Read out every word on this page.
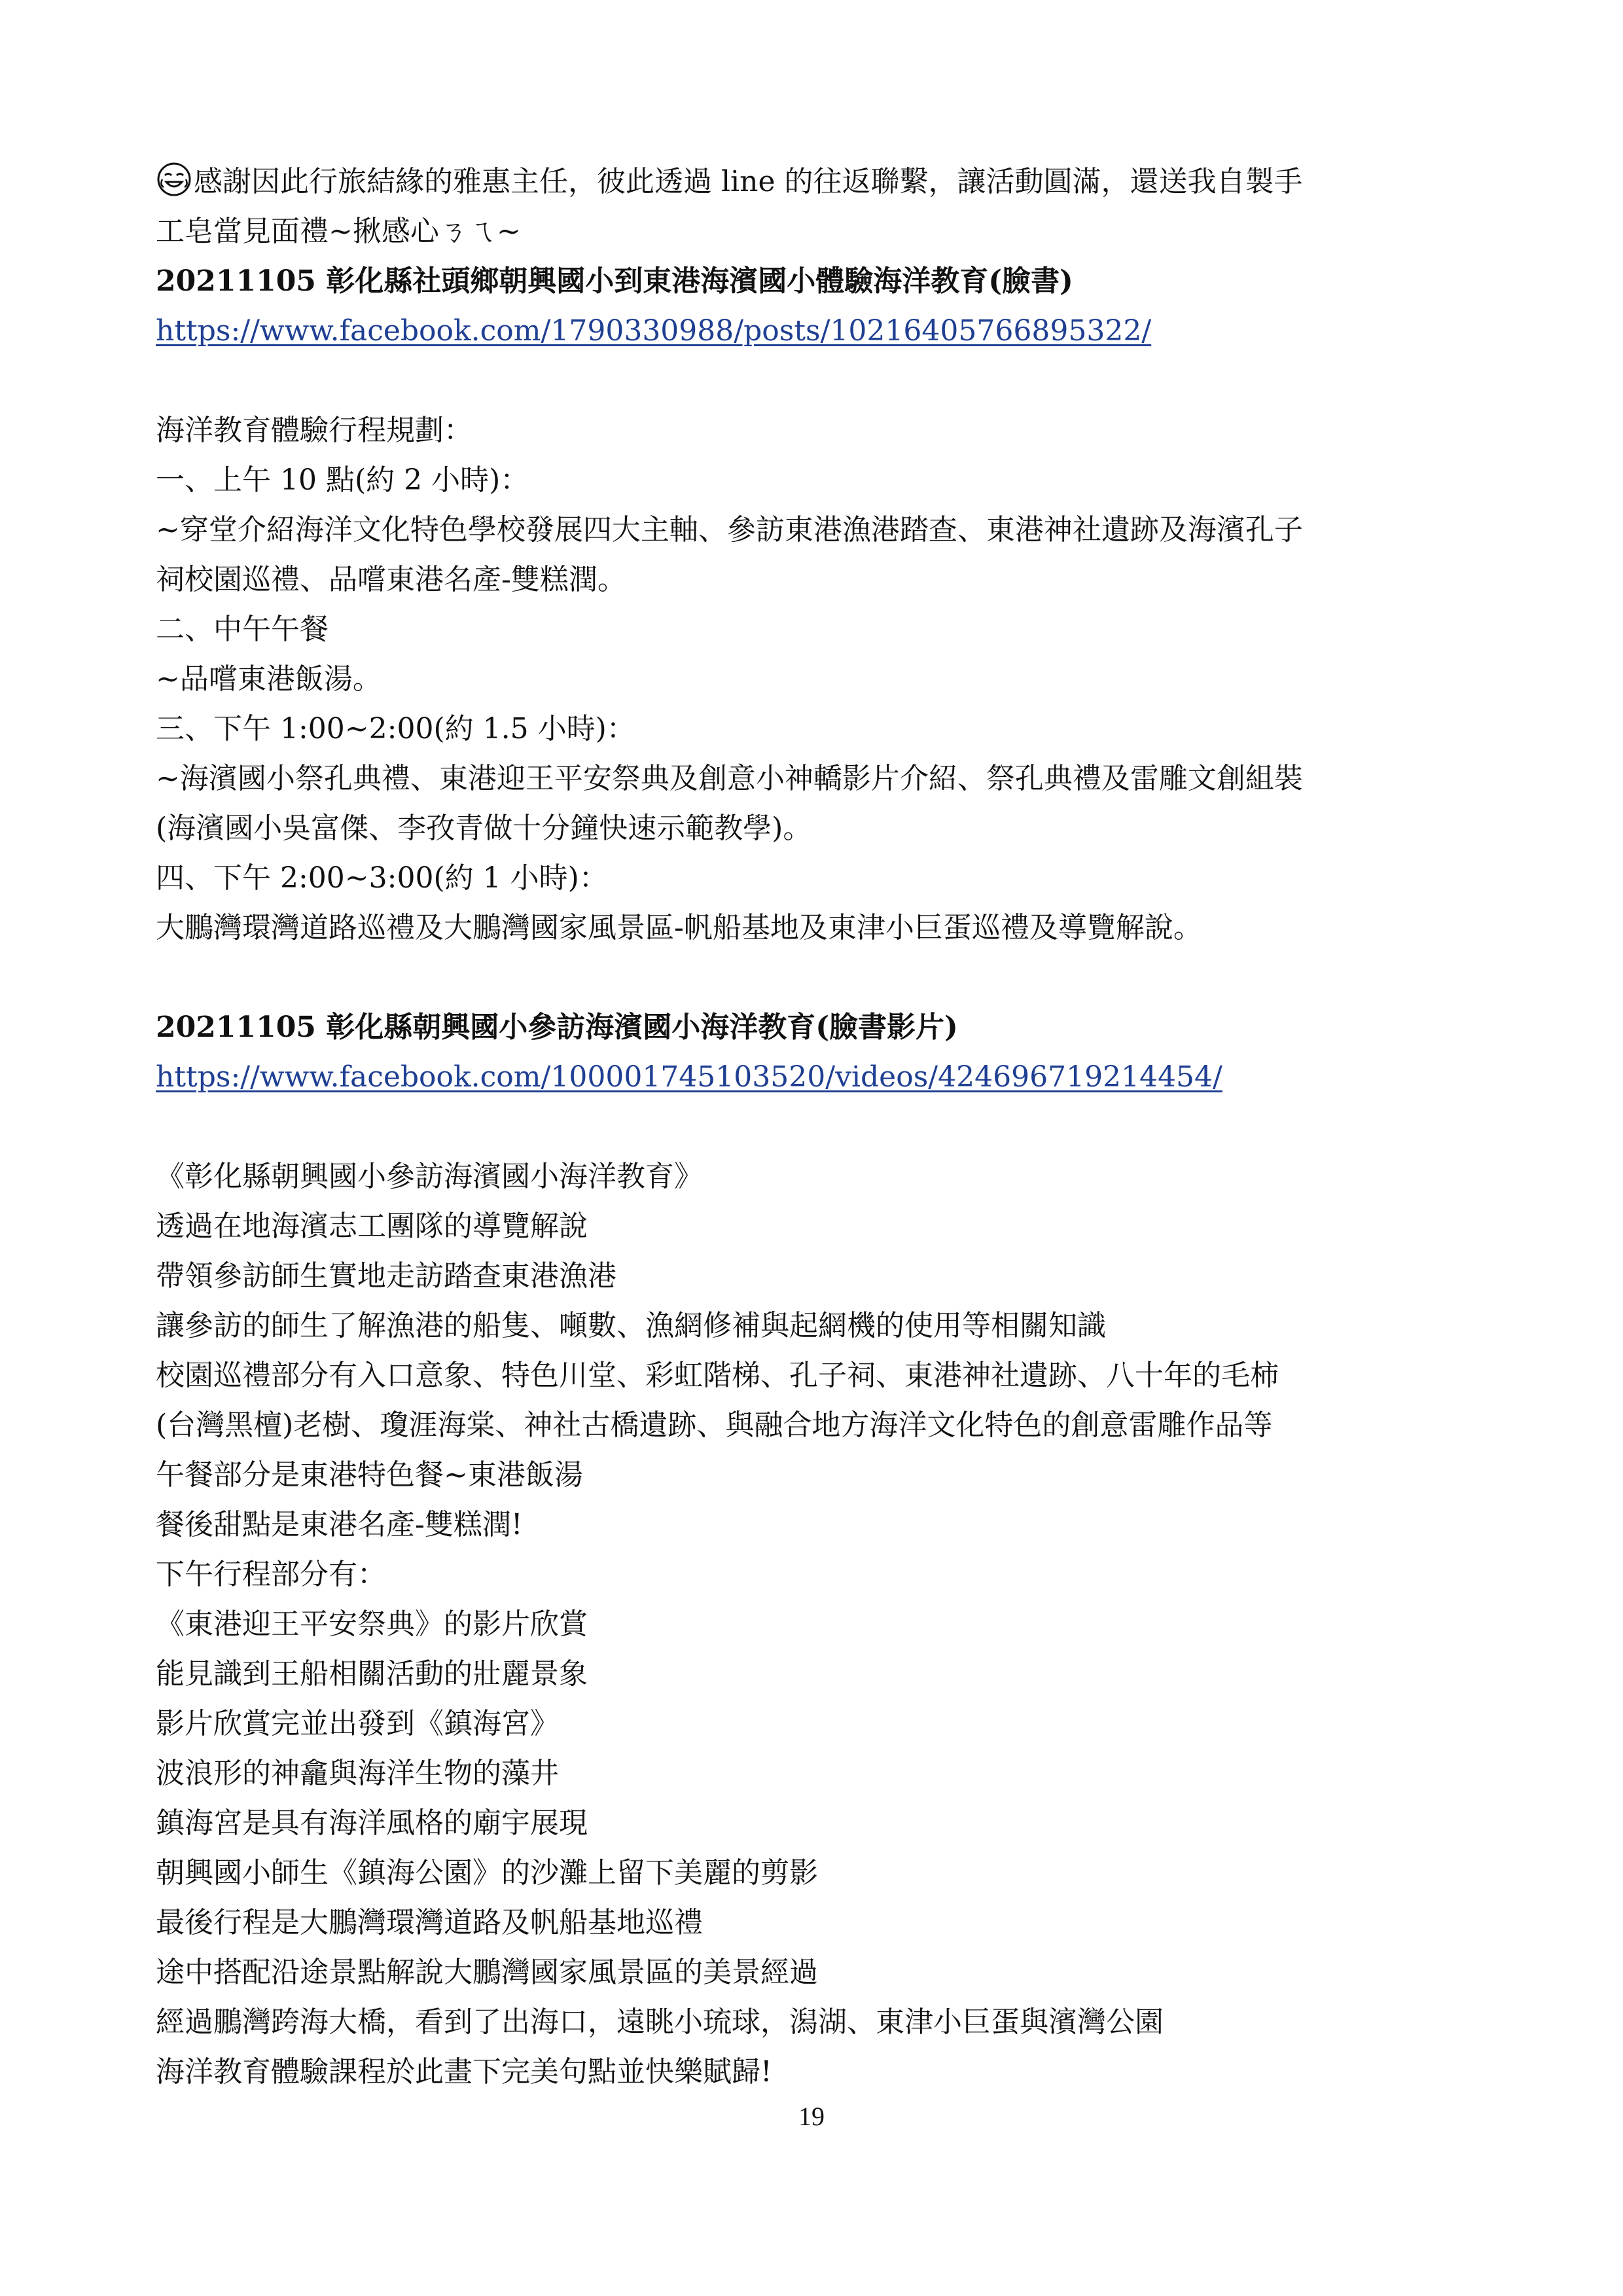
感謝因此行旅結緣的雅惠主任，彼此透過 line 的往返聯繫，讓活動圓滿，還送我自製手
工皂當見面禮~揪感心ㄋㄟ~
20211105 彰化縣社頭鄉朝興國小到東港海濱國小體驗海洋教育(臉書)
https://www.facebook.com/1790330988/posts/10216405766895322/
海洋教育體驗行程規劃：
一、上午 10 點(約 2 小時)：
~穿堂介紹海洋文化特色學校發展四大主軸、參訪東港漁港踏查、東港神社遺跡及海濱孔子
祠校園巡禮、品嚐東港名產-雙糕潤。
二、中午午餐
~品嚐東港飯湯。
三、下午 1:00~2:00(約 1.5 小時)：
~海濱國小祭孔典禮、東港迎王平安祭典及創意小神轎影片介紹、祭孔典禮及雷雕文創組裝
(海濱國小吳富傑、李孜青做十分鐘快速示範教學)。
四、下午 2:00~3:00(約 1 小時)：
大鵬灣環灣道路巡禮及大鵬灣國家風景區-帆船基地及東津小巨蛋巡禮及導覽解說。
20211105 彰化縣朝興國小參訪海濱國小海洋教育(臉書影片)
https://www.facebook.com/100001745103520/videos/424696719214454/
《彰化縣朝興國小參訪海濱國小海洋教育》
透過在地海濱志工團隊的導覽解說
帶領參訪師生實地走訪踏查東港漁港
讓參訪的師生了解漁港的船隻、噸數、漁網修補與起網機的使用等相關知識
校園巡禮部分有入口意象、特色川堂、彩虹階梯、孔子祠、東港神社遺跡、八十年的毛柿
(台灣黑檀)老樹、瓊涯海棠、神社古橋遺跡、與融合地方海洋文化特色的創意雷雕作品等
午餐部分是東港特色餐~東港飯湯
餐後甜點是東港名產-雙糕潤!
下午行程部分有：
《東港迎王平安祭典》的影片欣賞
能見識到王船相關活動的壯麗景象
影片欣賞完並出發到《鎮海宮》
波浪形的神龕與海洋生物的藻井
鎮海宮是具有海洋風格的廟宇展現
朝興國小師生《鎮海公園》的沙灘上留下美麗的剪影
最後行程是大鵬灣環灣道路及帆船基地巡禮
途中搭配沿途景點解說大鵬灣國家風景區的美景經過
經過鵬灣跨海大橋，看到了出海口，遠眺小琉球，潟湖、東津小巨蛋與濱灣公園
海洋教育體驗課程於此畫下完美句點並快樂賦歸!
19
